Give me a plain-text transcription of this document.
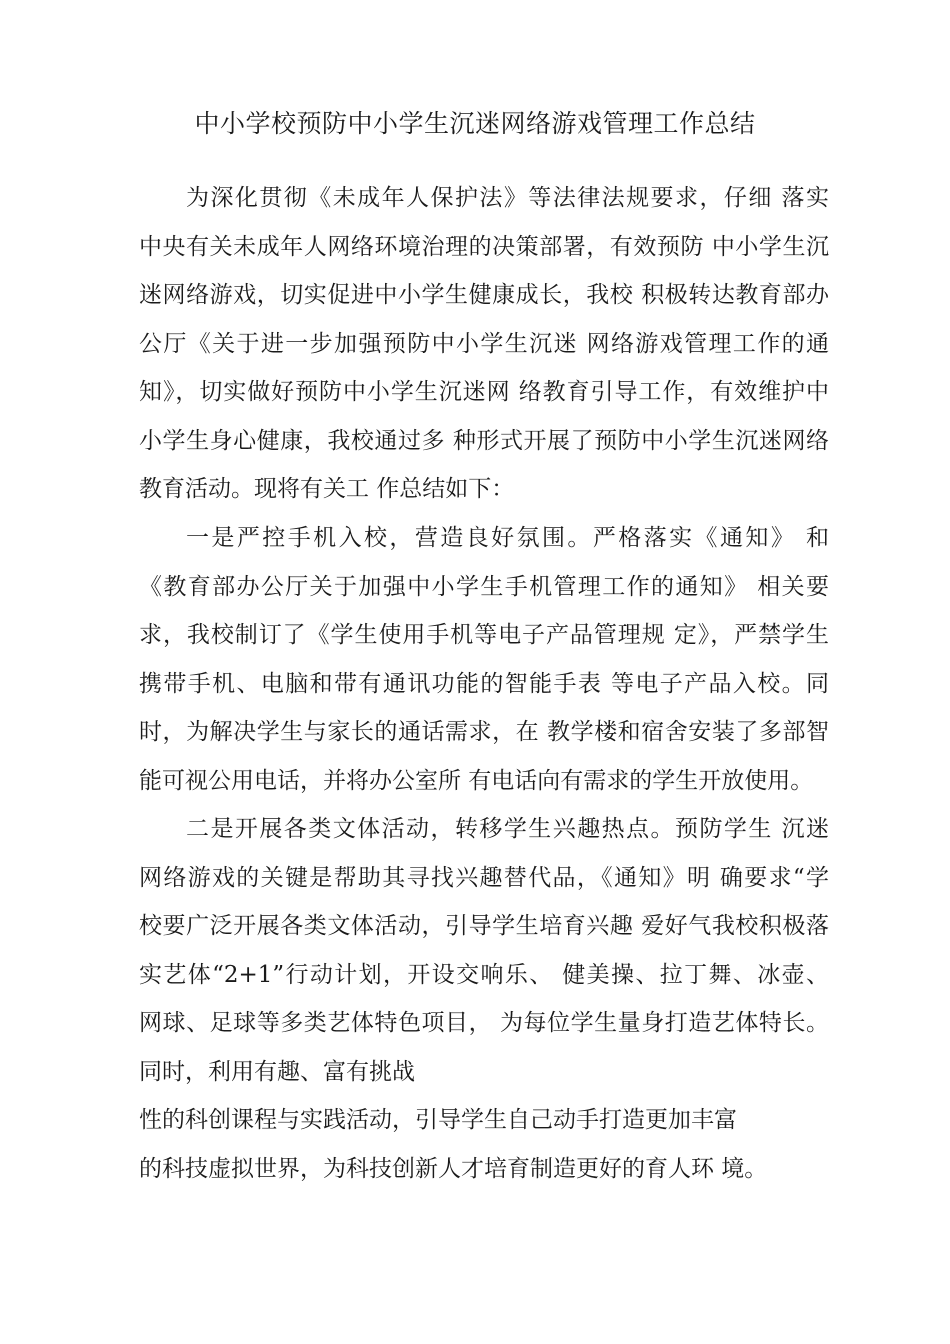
中小学校预防中小学生沉迷网络游戏管理工作总结
为深化贯彻《未成年人保护法》等法律法规要求，仔细 落实
中央有关未成年人网络环境治理的决策部署，有效预防 中小学生沉
迷网络游戏，切实促进中小学生健康成长，我校 积极转达教育部办
公厅《关于进一步加强预防中小学生沉迷 网络游戏管理工作的通
知》，切实做好预防中小学生沉迷网 络教育引导工作，有效维护中
小学生身心健康，我校通过多 种形式开展了预防中小学生沉迷网络
教育活动。现将有关工 作总结如下：
一是严控手机入校，营造良好氛围。严格落实《通知》 和
《教育部办公厅关于加强中小学生手机管理工作的通知》 相关要
求，我校制订了《学生使用手机等电子产品管理规 定》，严禁学生
携带手机、电脑和带有通讯功能的智能手表 等电子产品入校。同
时，为解决学生与家长的通话需求，在 教学楼和宿舍安装了多部智
能可视公用电话，并将办公室所 有电话向有需求的学生开放使用。
二是开展各类文体活动，转移学生兴趣热点。预防学生 沉迷
网络游戏的关键是帮助其寻找兴趣替代品，《通知》明 确要求“学
校要广泛开展各类文体活动，引导学生培育兴趣 爱好气我校积极落
实艺体“2+1”行动计划，开设交响乐、 健美操、拉丁舞、冰壶、
网球、足球等多类艺体特色项目， 为每位学生量身打造艺体特长。
同时，利用有趣、富有挑战
性的科创课程与实践活动，引导学生自己动手打造更加丰富
的科技虚拟世界，为科技创新人才培育制造更好的育人环 境。
